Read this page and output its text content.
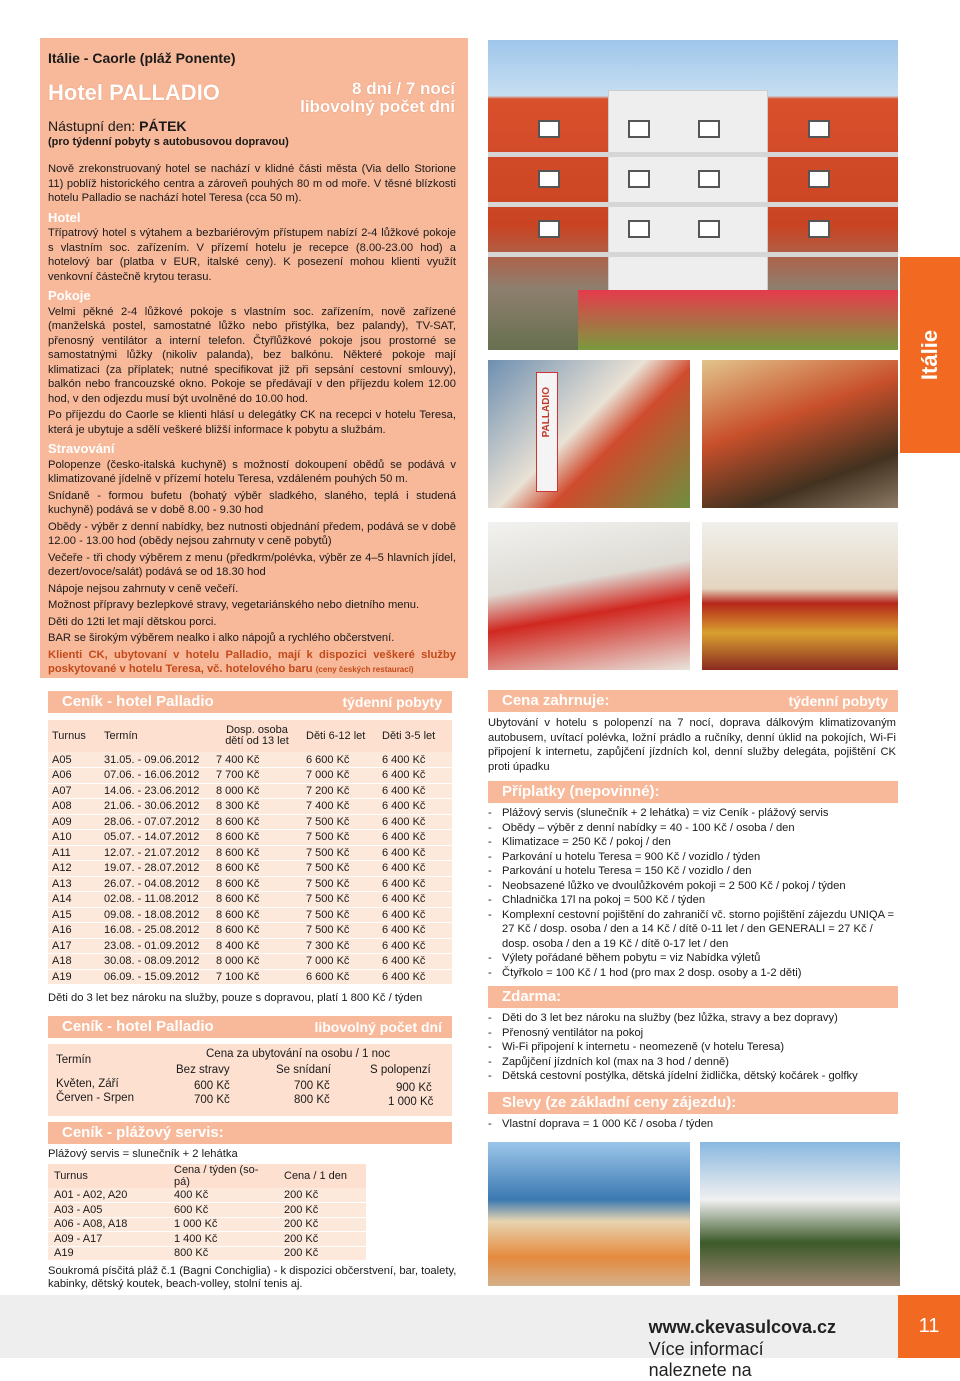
Itálie - Caorle (pláž Ponente)
Hotel PALLADIO	8 dní / 7 nocí
libovolný počet dní
Nástupní den: PÁTEK
(pro týdenní pobyty s autobusovou dopravou)

Nově zrekonstruovaný hotel se nachází v klidné části města (Via dello Storione 11) poblíž historického centra a zároveň pouhých 80 m od moře. V těsné blízkosti hotelu Palladio se nachází hotel Teresa (cca 50 m).

Hotel

Třípatrový hotel s výtahem a bezbariérovým přístupem nabízí 2-4 lůžkové pokoje s vlastním soc. zařízením. V přízemí hotelu je recepce (8.00-23.00 hod) a hotelový bar (platba v EUR, italské ceny). K posezení mohou klienti využít venkovní částečně krytou terasu.

Pokoje

Velmi pěkné 2-4 lůžkové pokoje s vlastním soc. zařízením, nově zařízené (manželská postel, samostatné lůžko nebo přistýlka, bez palandy), TV-SAT, přenosný ventilátor a interní telefon. Čtyřlůžkové pokoje jsou prostorné se samostatnými lůžky (nikoliv palanda), bez balkónu. Některé pokoje mají klimatizaci (za příplatek; nutné specifikovat již při sepsání cestovní smlouvy), balkón nebo francouzské okno. Pokoje se předávají v den příjezdu kolem 12.00 hod, v den odjezdu musí být uvolněné do 10.00 hod.

Po příjezdu do Caorle se klienti hlásí u delegátky CK na recepci v hotelu Teresa, která je ubytuje a sdělí veškeré bližší informace k pobytu a službám.

Stravování

Polopenze (česko-italská kuchyně) s možností dokoupení obědů se podává v klimatizované jídelně v přízemí hotelu Teresa, vzdáleném pouhých 50 m.

Snídaně - formou bufetu (bohatý výběr sladkého, slaného, teplá i studená kuchyně) podává se v době 8.00 - 9.30 hod

Obědy - výběr z denní nabídky, bez nutnosti objednání předem, podává se v době 12.00 - 13.00 hod (obědy nejsou zahrnuty v ceně pobytů)

Večeře - tři chody výběrem z menu (předkrm/polévka, výběr ze 4–5 hlavních jídel, dezert/ovoce/salát) podává se od 18.30 hod

Nápoje nejsou zahrnuty v ceně večeří.

Možnost přípravy bezlepkové stravy, vegetariánského nebo dietního menu.

Děti do 12ti let mají dětskou porci.

BAR se širokým výběrem nealko i alko nápojů a rychlého občerstvení.

Klienti CK, ubytovaní v hotelu Palladio, mají k dispozici veškeré služby poskytované v hotelu Teresa, vč. hotelového baru (ceny českých restaurací)

PALLADIO
Itálie
Ceník - hotel Palladio	týdenní pobyty
Turnus	Termín	Dosp. osoba dětí od 13 let	Děti 6-12 let	Děti 3-5 let
A05	31.05. - 09.06.2012	7 400 Kč	6 600 Kč	6 400 Kč
A06	07.06. - 16.06.2012	7 700 Kč	7 000 Kč	6 400 Kč
A07	14.06. - 23.06.2012	8 000 Kč	7 200 Kč	6 400 Kč
A08	21.06. - 30.06.2012	8 300 Kč	7 400 Kč	6 400 Kč
A09	28.06. - 07.07.2012	8 600 Kč	7 500 Kč	6 400 Kč
A10	05.07. - 14.07.2012	8 600 Kč	7 500 Kč	6 400 Kč
A11	12.07. - 21.07.2012	8 600 Kč	7 500 Kč	6 400 Kč
A12	19.07. - 28.07.2012	8 600 Kč	7 500 Kč	6 400 Kč
A13	26.07. - 04.08.2012	8 600 Kč	7 500 Kč	6 400 Kč
A14	02.08. - 11.08.2012	8 600 Kč	7 500 Kč	6 400 Kč
A15	09.08. - 18.08.2012	8 600 Kč	7 500 Kč	6 400 Kč
A16	16.08. - 25.08.2012	8 600 Kč	7 500 Kč	6 400 Kč
A17	23.08. - 01.09.2012	8 400 Kč	7 300 Kč	6 400 Kč
A18	30.08. - 08.09.2012	8 000 Kč	7 000 Kč	6 400 Kč
A19	06.09. - 15.09.2012	7 100 Kč	6 600 Kč	6 400 Kč
Děti do 3 let bez nároku na služby, pouze s dopravou, platí 1 800 Kč / týden
Ceník - hotel Palladio	libovolný počet dní
Termín	Cena za ubytování na osobu / 1 noc
Bez stravy	Se snídaní	S polopenzí
Květen, Září	600 Kč	700 Kč	900 Kč
Červen - Srpen	700 Kč	800 Kč	1 000 Kč
Ceník - plážový servis:
Plážový servis = slunečník + 2 lehátka
Turnus	Cena / týden (so-pá)	Cena / 1 den
A01 - A02, A20	400 Kč	200 Kč
A03 - A05	600 Kč	200 Kč
A06 - A08, A18	1 000 Kč	200 Kč
A09 - A17	1 400 Kč	200 Kč
A19	800 Kč	200 Kč
Soukromá písčitá pláž č.1 (Bagni Conchiglia) - k dispozici občerstvení, bar, toalety, kabinky, dětský koutek, beach-volley, stolní tenis aj.
Cena zahrnuje:	týdenní pobyty
Ubytování v hotelu s polopenzí na 7 nocí, doprava dálkovým klimatizovaným autobusem, uvítací polévka, ložní prádlo a ručníky, denní úklid na pokojích, Wi-Fi připojení k internetu, zapůjčení jízdních kol, denní služby delegáta, pojištění CK proti úpadku
Příplatky (nepovinné):
- Plážový servis (slunečník + 2 lehátka) = viz Ceník - plážový servis
- Obědy – výběr z denní nabídky = 40 - 100 Kč / osoba / den
- Klimatizace = 250 Kč / pokoj / den
- Parkování u hotelu Teresa = 900 Kč / vozidlo / týden
- Parkování u hotelu Teresa = 150 Kč / vozidlo / den
- Neobsazené lůžko ve dvoulůžkovém pokoji = 2 500 Kč / pokoj / týden
- Chladnička 17l na pokoj = 500 Kč / týden
- Komplexní cestovní pojištění do zahraničí vč. storno pojištění zájezdu UNIQA = 27 Kč / dosp. osoba / den a 14 Kč / dítě 0-11 let / den GENERALI = 27 Kč / dosp. osoba / den a 19 Kč / dítě 0-17 let / den
- Výlety pořádané během pobytu = viz Nabídka výletů
- Čtyřkolo = 100 Kč / 1 hod (pro max 2 dosp. osoby a 1-2 děti)
Zdarma:
- Děti do 3 let bez nároku na služby (bez lůžka, stravy a bez dopravy)
- Přenosný ventilátor na pokoj
- Wi-Fi připojení k internetu - neomezeně (v hotelu Teresa)
- Zapůjčení jízdních kol (max na 3 hod / denně)
- Dětská cestovní postýlka, dětská jídelní židlička, dětský kočárek - golfky
Slevy (ze základní ceny zájezdu):
- Vlastní doprava = 1 000 Kč / osoba / týden
Více informací naleznete na
www.ckevasulcova.cz	11
